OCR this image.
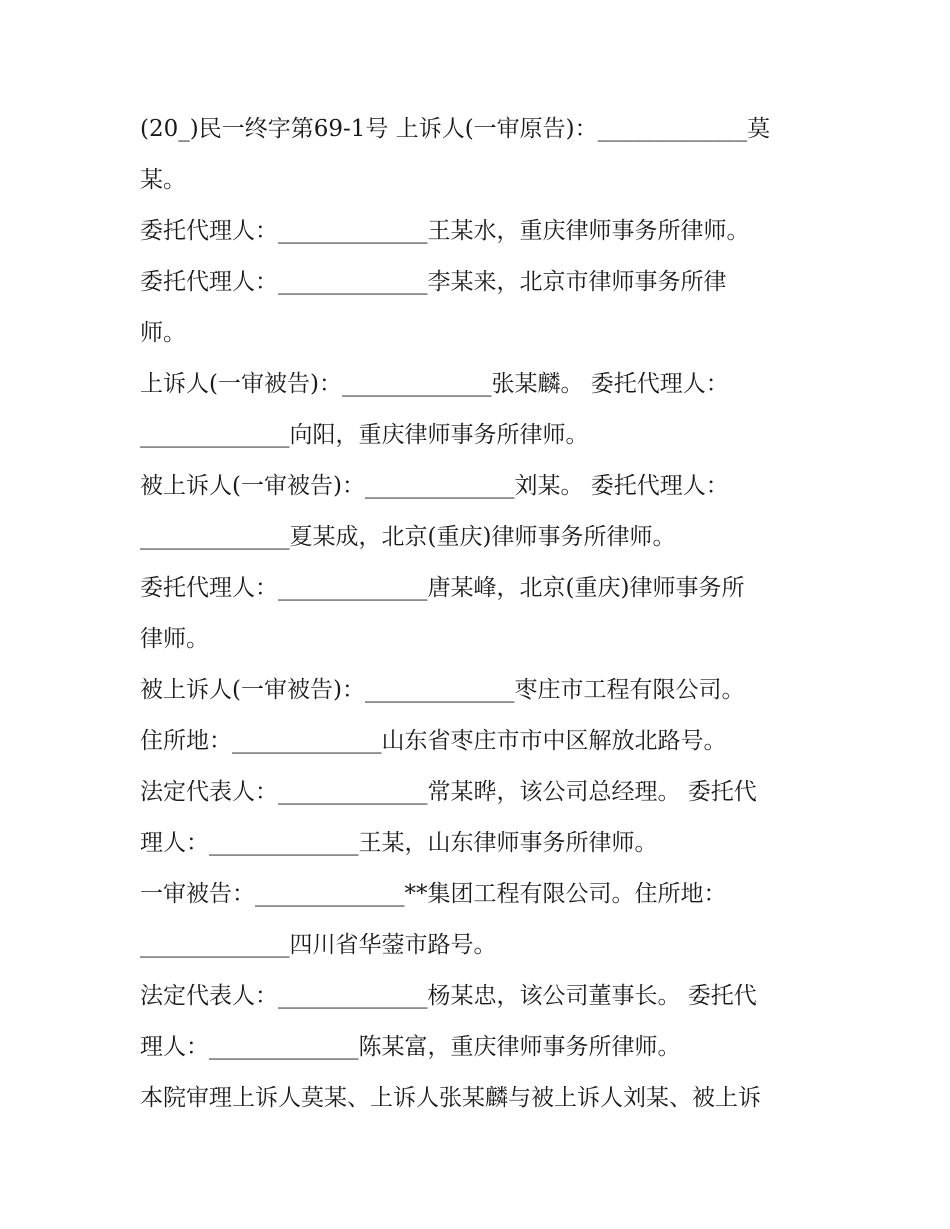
(20_)民一终字第69-1号 上诉人(一审原告)：_____________莫
某。
委托代理人：_____________王某水，重庆律师事务所律师。
委托代理人：_____________李某来，北京市律师事务所律
师。
上诉人(一审被告)：_____________张某麟。 委托代理人：
_____________向阳，重庆律师事务所律师。
被上诉人(一审被告)：_____________刘某。 委托代理人：
_____________夏某成，北京(重庆)律师事务所律师。
委托代理人：_____________唐某峰，北京(重庆)律师事务所
律师。
被上诉人(一审被告)：_____________枣庄市工程有限公司。
住所地：_____________山东省枣庄市市中区解放北路号。
法定代表人：_____________常某晔，该公司总经理。 委托代
理人：_____________王某，山东律师事务所律师。
一审被告：_____________**集团工程有限公司。住所地：
_____________四川省华蓥市路号。
法定代表人：_____________杨某忠，该公司董事长。 委托代
理人：_____________陈某富，重庆律师事务所律师。
本院审理上诉人莫某、上诉人张某麟与被上诉人刘某、被上诉
